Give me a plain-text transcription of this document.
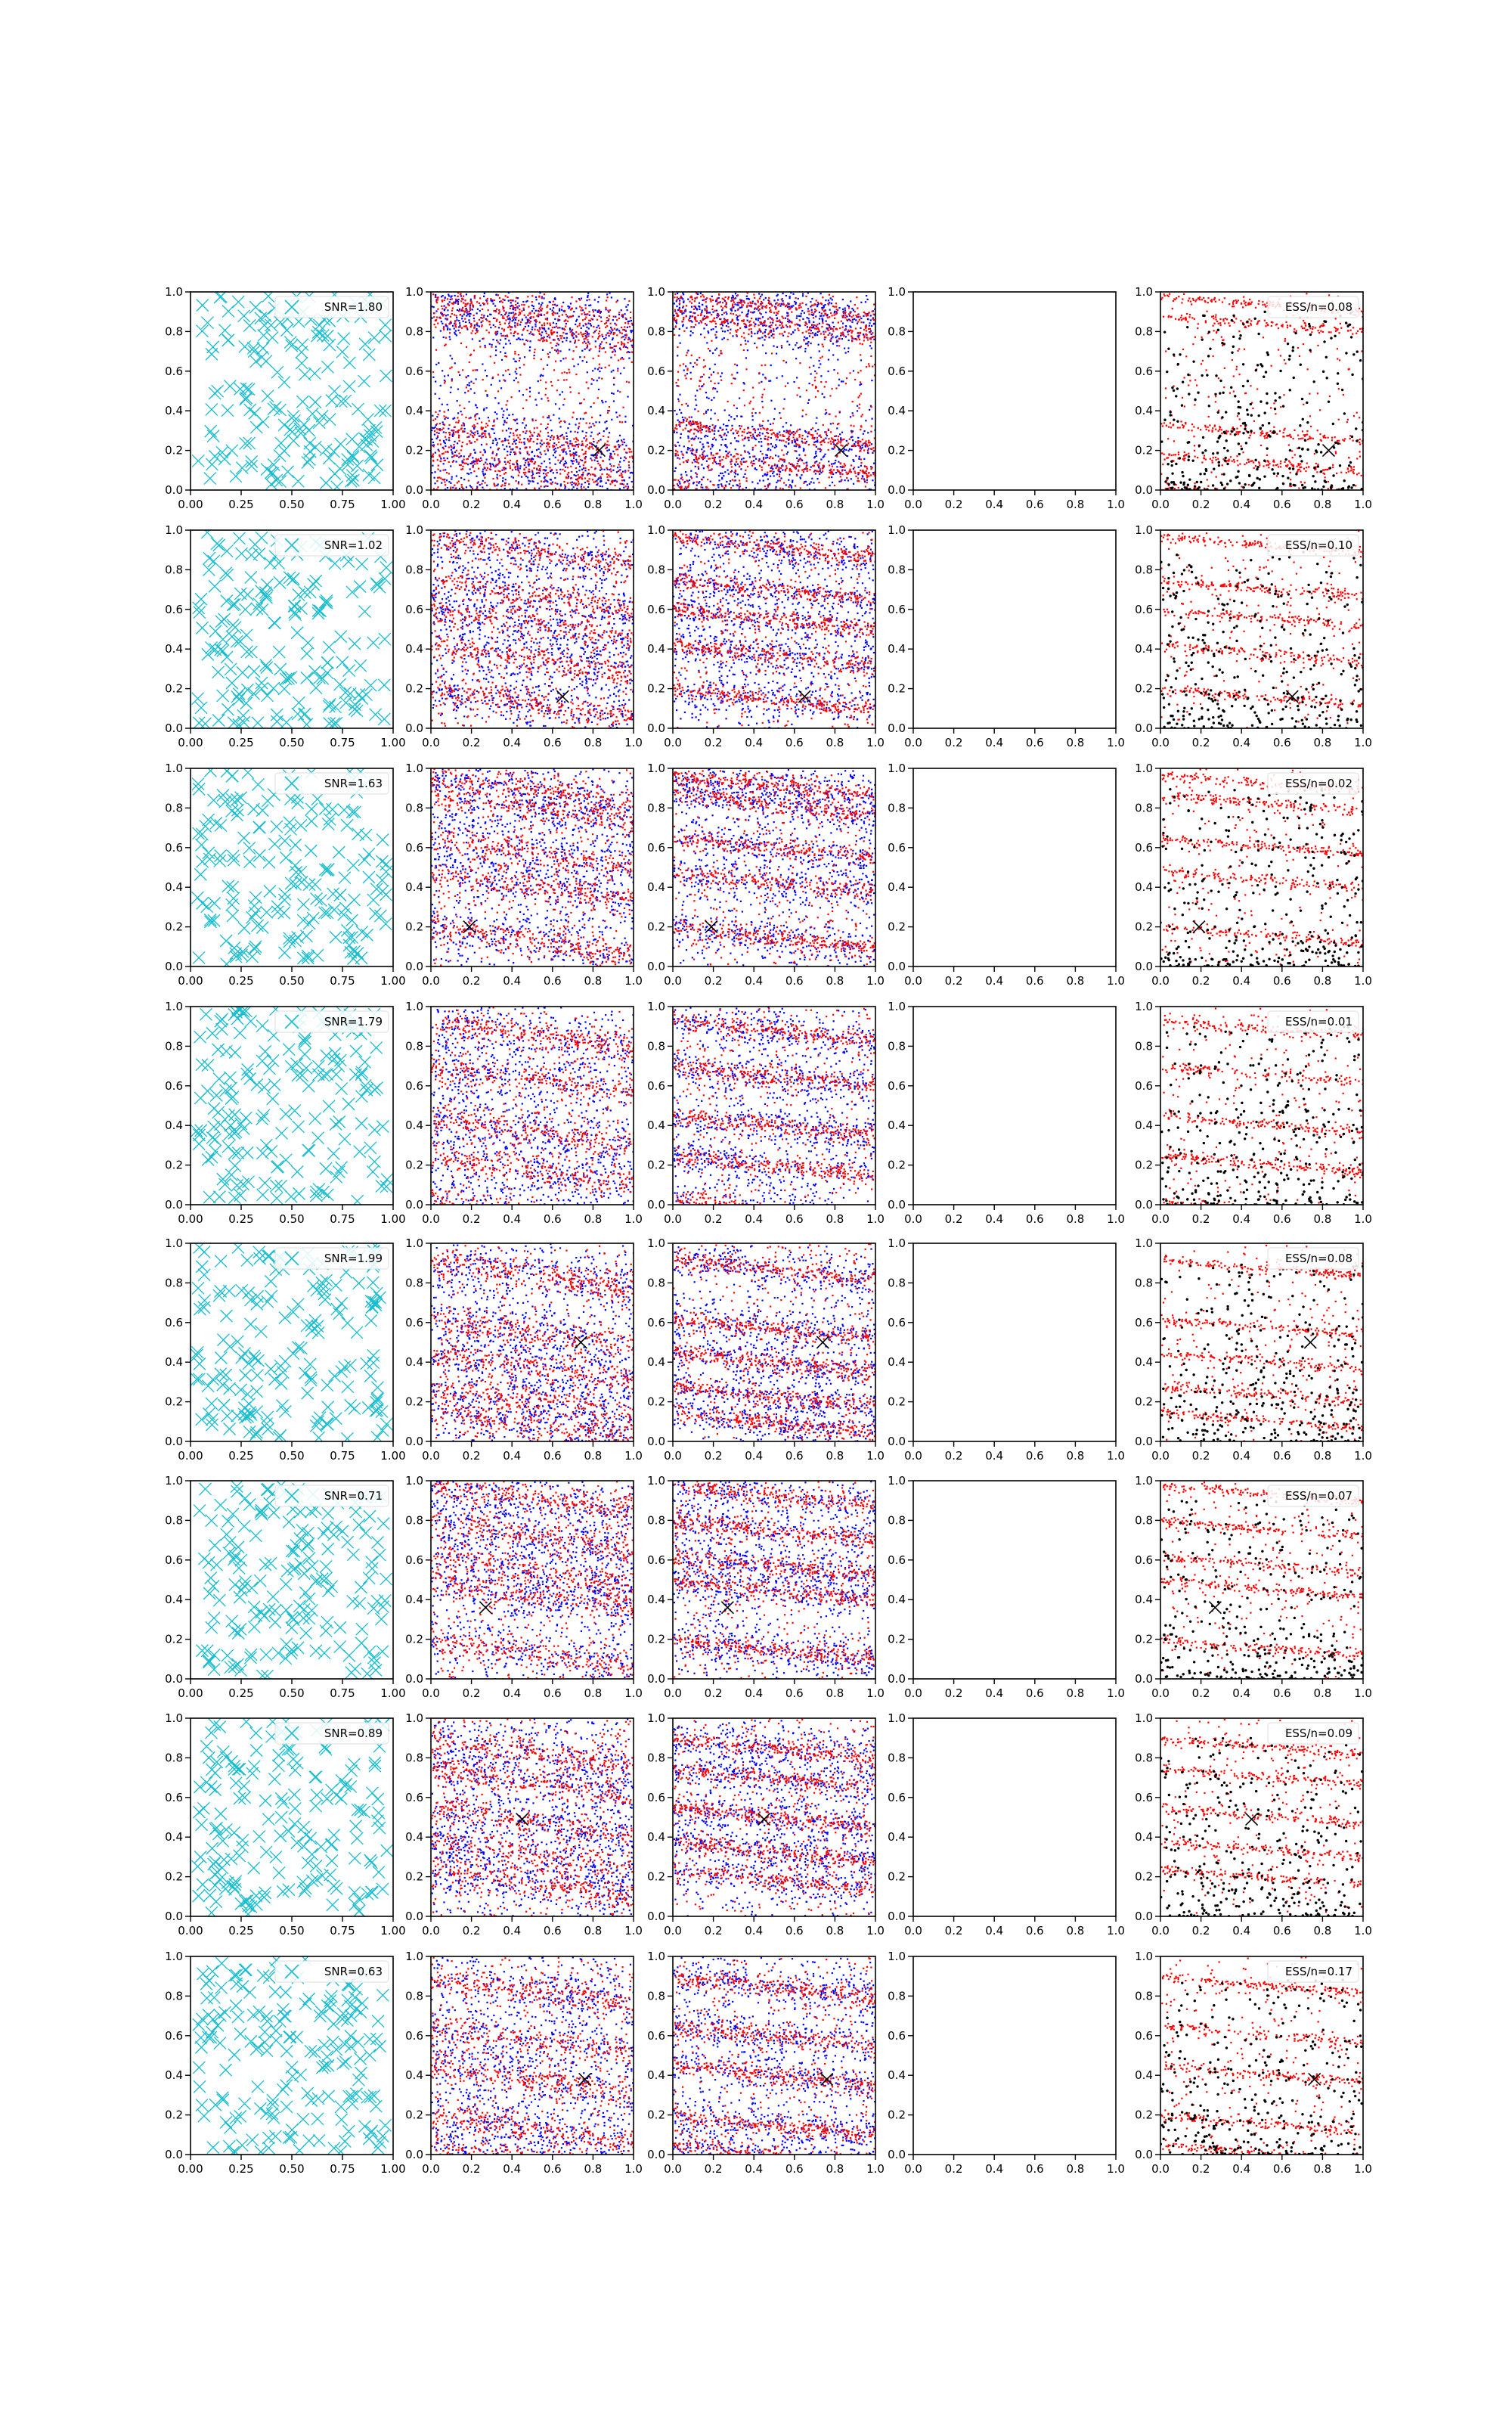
0.00 0.25 0.50 0.75 1.00
0.0
0.2
0.4
0.6
0.8
1.0
SNR=1.80
0.0 0.2 0.4 0.6 0.8 1.0
0.0
0.2
0.4
0.6
0.8
1.0
0.0 0.2 0.4 0.6 0.8 1.0
0.0
0.2
0.4
0.6
0.8
1.0
0.0 0.2 0.4 0.6 0.8 1.0
0.0
0.2
0.4
0.6
0.8
1.0
0.0 0.2 0.4 0.6 0.8 1.0
0.0
0.2
0.4
0.6
0.8
1.0
ESS/n=0.08
0.00 0.25 0.50 0.75 1.00
0.0
0.2
0.4
0.6
0.8
1.0
SNR=1.02
0.0 0.2 0.4 0.6 0.8 1.0
0.0
0.2
0.4
0.6
0.8
1.0
0.0 0.2 0.4 0.6 0.8 1.0
0.0
0.2
0.4
0.6
0.8
1.0
0.0 0.2 0.4 0.6 0.8 1.0
0.0
0.2
0.4
0.6
0.8
1.0
0.0 0.2 0.4 0.6 0.8 1.0
0.0
0.2
0.4
0.6
0.8
1.0
ESS/n=0.10
0.00 0.25 0.50 0.75 1.00
0.0
0.2
0.4
0.6
0.8
1.0
SNR=1.63
0.0 0.2 0.4 0.6 0.8 1.0
0.0
0.2
0.4
0.6
0.8
1.0
0.0 0.2 0.4 0.6 0.8 1.0
0.0
0.2
0.4
0.6
0.8
1.0
0.0 0.2 0.4 0.6 0.8 1.0
0.0
0.2
0.4
0.6
0.8
1.0
0.0 0.2 0.4 0.6 0.8 1.0
0.0
0.2
0.4
0.6
0.8
1.0
ESS/n=0.02
0.00 0.25 0.50 0.75 1.00
0.0
0.2
0.4
0.6
0.8
1.0
SNR=1.79
0.0 0.2 0.4 0.6 0.8 1.0
0.0
0.2
0.4
0.6
0.8
1.0
0.0 0.2 0.4 0.6 0.8 1.0
0.0
0.2
0.4
0.6
0.8
1.0
0.0 0.2 0.4 0.6 0.8 1.0
0.0
0.2
0.4
0.6
0.8
1.0
0.0 0.2 0.4 0.6 0.8 1.0
0.0
0.2
0.4
0.6
0.8
1.0
ESS/n=0.01
0.00 0.25 0.50 0.75 1.00
0.0
0.2
0.4
0.6
0.8
1.0
SNR=1.99
0.0 0.2 0.4 0.6 0.8 1.0
0.0
0.2
0.4
0.6
0.8
1.0
0.0 0.2 0.4 0.6 0.8 1.0
0.0
0.2
0.4
0.6
0.8
1.0
0.0 0.2 0.4 0.6 0.8 1.0
0.0
0.2
0.4
0.6
0.8
1.0
0.0 0.2 0.4 0.6 0.8 1.0
0.0
0.2
0.4
0.6
0.8
1.0
ESS/n=0.08
0.00 0.25 0.50 0.75 1.00
0.0
0.2
0.4
0.6
0.8
1.0
SNR=0.71
0.0 0.2 0.4 0.6 0.8 1.0
0.0
0.2
0.4
0.6
0.8
1.0
0.0 0.2 0.4 0.6 0.8 1.0
0.0
0.2
0.4
0.6
0.8
1.0
0.0 0.2 0.4 0.6 0.8 1.0
0.0
0.2
0.4
0.6
0.8
1.0
0.0 0.2 0.4 0.6 0.8 1.0
0.0
0.2
0.4
0.6
0.8
1.0
ESS/n=0.07
0.00 0.25 0.50 0.75 1.00
0.0
0.2
0.4
0.6
0.8
1.0
SNR=0.89
0.0 0.2 0.4 0.6 0.8 1.0
0.0
0.2
0.4
0.6
0.8
1.0
0.0 0.2 0.4 0.6 0.8 1.0
0.0
0.2
0.4
0.6
0.8
1.0
0.0 0.2 0.4 0.6 0.8 1.0
0.0
0.2
0.4
0.6
0.8
1.0
0.0 0.2 0.4 0.6 0.8 1.0
0.0
0.2
0.4
0.6
0.8
1.0
ESS/n=0.09
0.00 0.25 0.50 0.75 1.00
0.0
0.2
0.4
0.6
0.8
1.0
SNR=0.63
0.0 0.2 0.4 0.6 0.8 1.0
0.0
0.2
0.4
0.6
0.8
1.0
0.0 0.2 0.4 0.6 0.8 1.0
0.0
0.2
0.4
0.6
0.8
1.0
0.0 0.2 0.4 0.6 0.8 1.0
0.0
0.2
0.4
0.6
0.8
1.0
0.0 0.2 0.4 0.6 0.8 1.0
0.0
0.2
0.4
0.6
0.8
1.0
ESS/n=0.17
